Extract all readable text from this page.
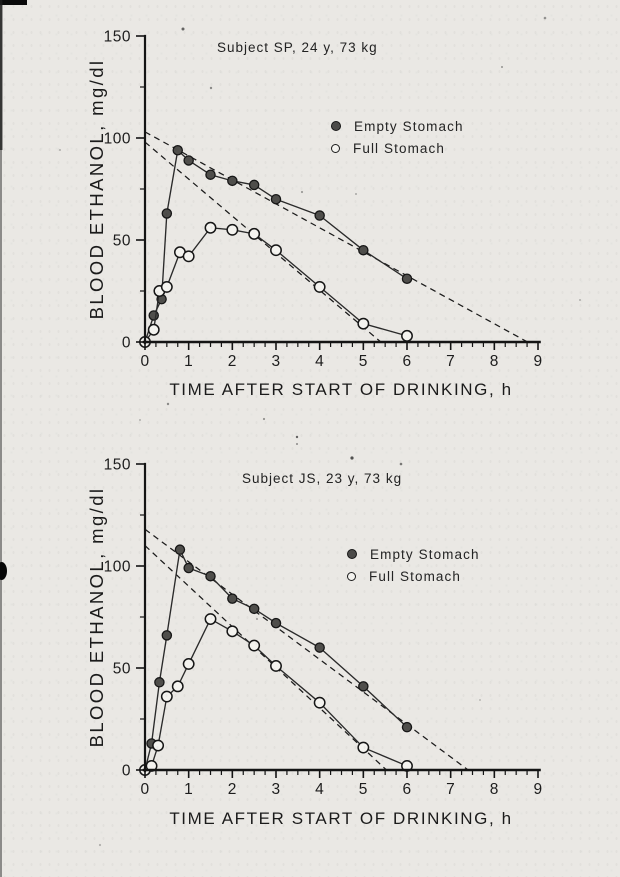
0 1 2 3 4 5 6 7 8 9
0
50
100
150
0 1 2 3 4 5 6 7 8 9
0
50
100
150
Subject SP, 24 y, 73 kg
BLOOD ETHANOL, mg/dl
TIME AFTER START OF DRINKING, h
Empty Stomach
Full Stomach
Subject JS, 23 y, 73 kg
BLOOD ETHANOL, mg/dl
TIME AFTER START OF DRINKING, h
Empty Stomach
Full Stomach
